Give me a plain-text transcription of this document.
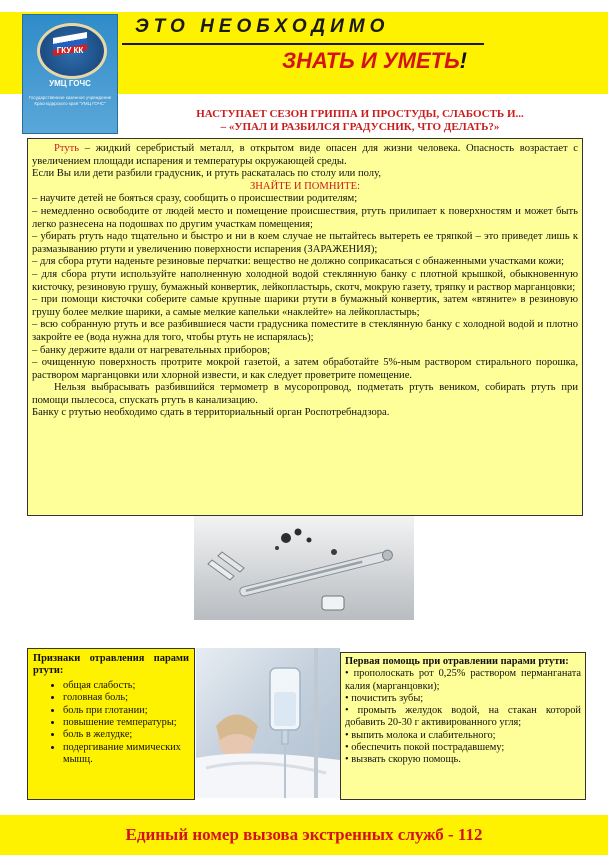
ГКУ КК
УМЦ ГОЧС
Государственное казенное учреждение Краснодарского края "УМЦ ГОЧС"
ЭТО НЕОБХОДИМО
ЗНАТЬ И УМЕТЬ!
НАСТУПАЕТ СЕЗОН ГРИППА И ПРОСТУДЫ, СЛАБОСТЬ И...
– «УПАЛ И РАЗБИЛСЯ ГРАДУСНИК, ЧТО ДЕЛАТЬ?»

Ртуть – жидкий серебристый металл, в открытом виде опасен для жизни человека. Опасность возрастает с увеличением площади испарения и температуры окружающей среды.

Если Вы или дети разбили градусник, и ртуть раскаталась по столу или полу,

ЗНАЙТЕ И ПОМНИТЕ:

– научите детей не бояться сразу, сообщить о происшествии родителям;

– немедленно освободите от людей место и помещение происшествия, ртуть прилипает к поверхностям и может быть легко разнесена на подошвах по другим участкам помещения;

– убирать ртуть надо тщательно и быстро и ни в коем случае не пытайтесь вытереть ее тряпкой – это приведет лишь к размазыванию ртути и увеличению поверхности испарения (ЗАРАЖЕНИЯ);

– для сбора ртути наденьте резиновые перчатки: вещество не должно соприкасаться с обнаженными участками кожи;

– для сбора ртути используйте наполненную холодной водой стеклянную банку с плотной крышкой, обыкновенную кисточку, резиновую грушу, бумажный конвертик, лейкопластырь, скотч, мокрую газету, тряпку и раствор марганцовки;

– при помощи кисточки соберите самые крупные шарики ртути в бумажный конвертик, затем «втяните» в резиновую грушу более мелкие шарики, а самые мелкие капельки «наклейте» на лейкопластырь;

– всю собранную ртуть и все разбившиеся части градусника поместите в стеклянную банку с холодной водой и плотно закройте ее (вода нужна для того, чтобы ртуть не испарялась);

– банку держите вдали от нагревательных приборов;

– очищенную поверхность протрите мокрой газетой, а затем обработайте 5%-ным раствором стирального порошка, раствором марганцовки или хлорной извести, и как следует проветрите помещение.

Нельзя выбрасывать разбившийся термометр в мусоропровод, подметать ртуть веником, собирать ртуть при помощи пылесоса, спускать ртуть в канализацию.

Банку с ртутью необходимо сдать в территориальный орган Роспотребнадзора.

Признаки отравления парами ртути:
• общая слабость;
• головная боль;
• боль при глотании;
• повышение температуры;
• боль в желудке;
• подергивание мимических мышц.
Первая помощь при отравлении парами ртути:
• прополоскать рот 0,25% раствором перманганата калия (марганцовки);
• почистить зубы;
• промыть желудок водой, на стакан которой добавить 20-30 г активированного угля;
• выпить молока и слабительного;
• обеспечить покой пострадавшему;
• вызвать скорую помощь.
Единый номер вызова экстренных служб - 112
